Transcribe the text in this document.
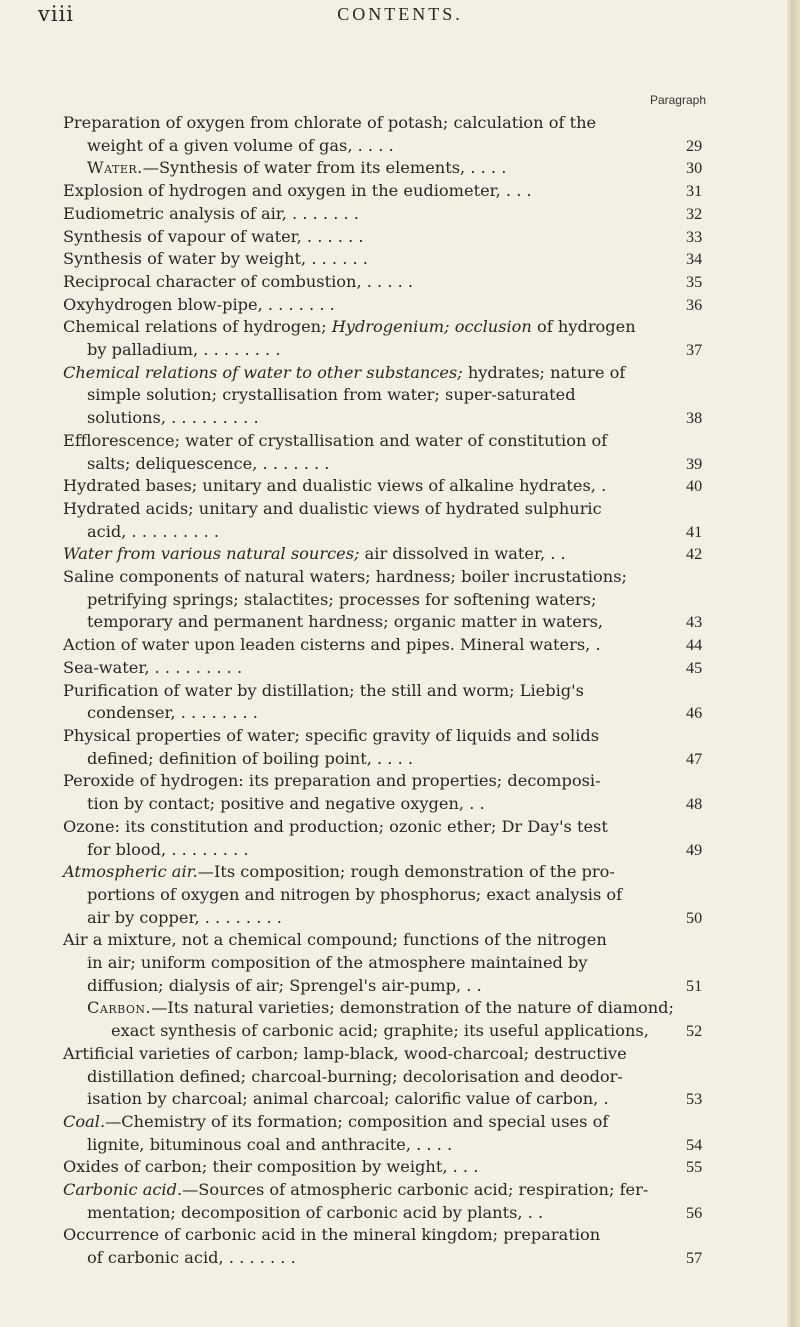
viii	CONTENTS.
Paragraph
Preparation of oxygen from chlorate of potash; calculation of the
weight of a given volume of gas, . . . .	29
Water.—Synthesis of water from its elements, . . . .	30
Explosion of hydrogen and oxygen in the eudiometer, . . .	31
Eudiometric analysis of air, . . . . . . .	32
Synthesis of vapour of water, . . . . . .	33
Synthesis of water by weight, . . . . . .	34
Reciprocal character of combustion, . . . . .	35
Oxyhydrogen blow-pipe, . . . . . . .	36
Chemical relations of hydrogen; Hydrogenium; occlusion of hydrogen
by palladium, . . . . . . . .	37
Chemical relations of water to other substances; hydrates; nature of
simple solution; crystallisation from water; super-saturated
solutions, . . . . . . . . .	38
Efflorescence; water of crystallisation and water of constitution of
salts; deliquescence, . . . . . . .	39
Hydrated bases; unitary and dualistic views of alkaline hydrates, .	40
Hydrated acids; unitary and dualistic views of hydrated sulphuric
acid, . . . . . . . . .	41
Water from various natural sources; air dissolved in water, . .	42
Saline components of natural waters; hardness; boiler incrustations;
petrifying springs; stalactites; processes for softening waters;
temporary and permanent hardness; organic matter in waters,	43
Action of water upon leaden cisterns and pipes. Mineral waters, .	44
Sea-water, . . . . . . . . .	45
Purification of water by distillation; the still and worm; Liebig's
condenser, . . . . . . . .	46
Physical properties of water; specific gravity of liquids and solids
defined; definition of boiling point, . . . .	47
Peroxide of hydrogen: its preparation and properties; decomposi-
tion by contact; positive and negative oxygen, . .	48
Ozone: its constitution and production; ozonic ether; Dr Day's test
for blood, . . . . . . . .	49
Atmospheric air.—Its composition; rough demonstration of the pro-
portions of oxygen and nitrogen by phosphorus; exact analysis of
air by copper, . . . . . . . .	50
Air a mixture, not a chemical compound; functions of the nitrogen
in air; uniform composition of the atmosphere maintained by
diffusion; dialysis of air; Sprengel's air-pump, . .	51
Carbon.—Its natural varieties; demonstration of the nature of diamond;
exact synthesis of carbonic acid; graphite; its useful applications,	52
Artificial varieties of carbon; lamp-black, wood-charcoal; destructive
distillation defined; charcoal-burning; decolorisation and deodor-
isation by charcoal; animal charcoal; calorific value of carbon, .	53
Coal.—Chemistry of its formation; composition and special uses of
lignite, bituminous coal and anthracite, . . . .	54
Oxides of carbon; their composition by weight, . . .	55
Carbonic acid.—Sources of atmospheric carbonic acid; respiration; fer-
mentation; decomposition of carbonic acid by plants, . .	56
Occurrence of carbonic acid in the mineral kingdom; preparation
of carbonic acid, . . . . . . .	57
